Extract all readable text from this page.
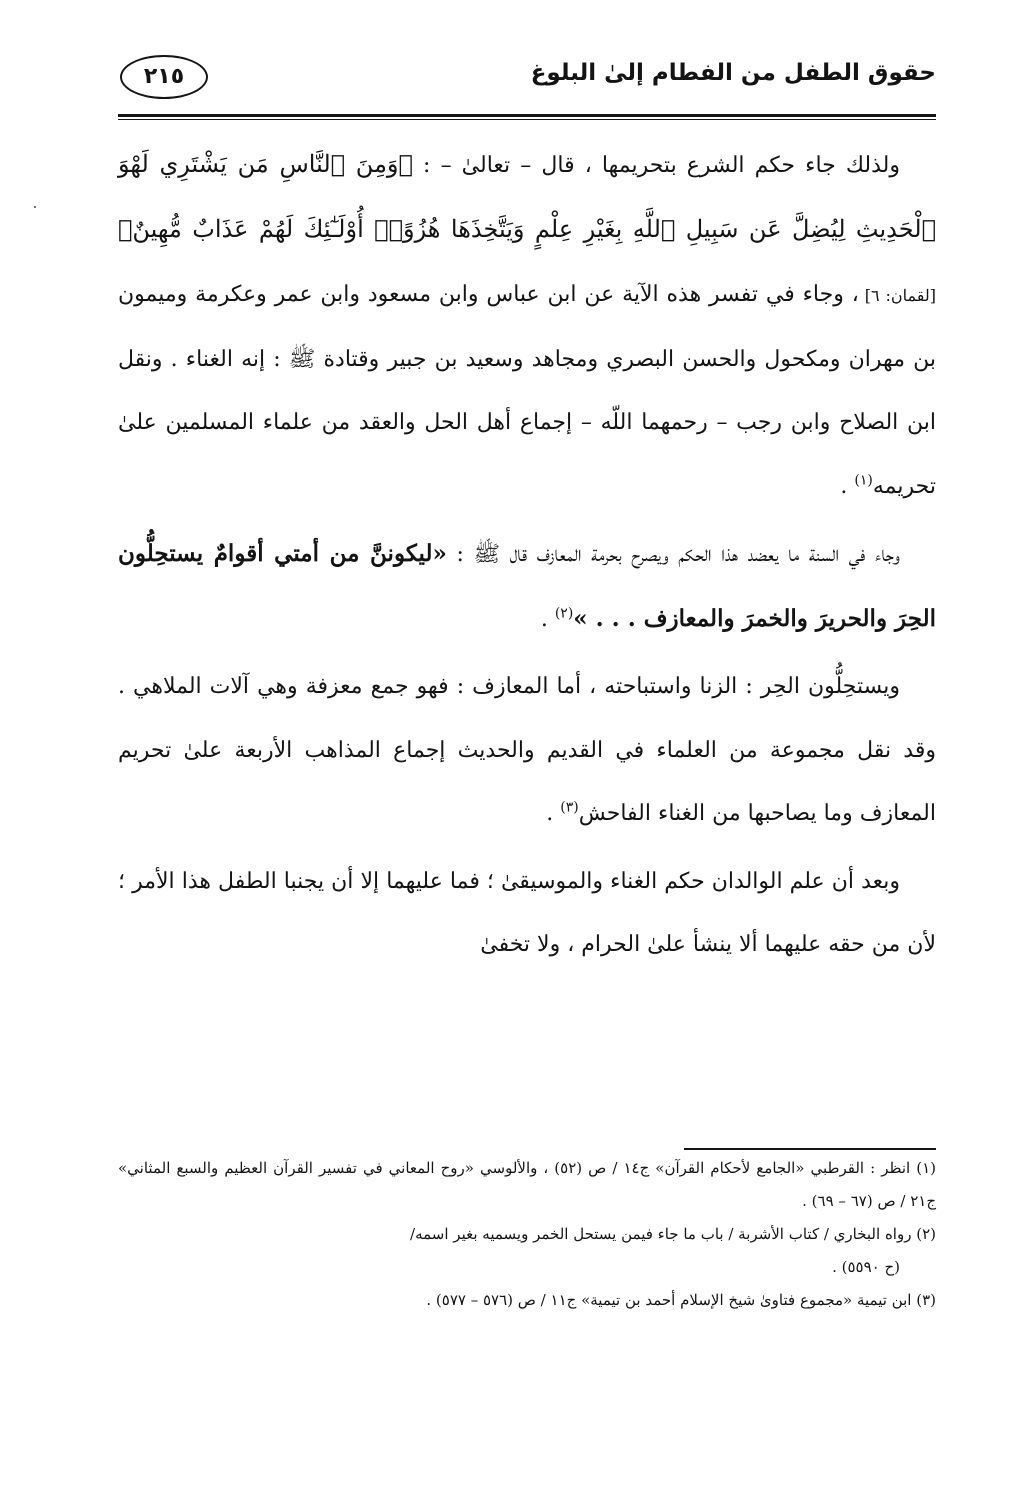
حقوق الطفل من الفطام إلىٰ البلوغ
٢١٥

ولذلك جاء حكم الشرع بتحريمها ، قال – تعالىٰ – : ﴿وَمِنَ ٱلنَّاسِ مَن يَشْتَرِي لَهْوَ ٱلْحَدِيثِ لِيُضِلَّ عَن سَبِيلِ ٱللَّهِ بِغَيْرِ عِلْمٍ وَيَتَّخِذَهَا هُزُوًاۚ أُوْلَـٰٓئِكَ لَهُمْ عَذَابٌ مُّهِينٌ﴾ [لقمان: ٦] ، وجاء في تفسر هذه الآية عن ابن عباس وابن مسعود وابن عمر وعكرمة وميمون بن مهران ومكحول والحسن البصري ومجاهد وسعيد بن جبير وقتادة ﷺ : إنه الغناء . ونقل ابن الصلاح وابن رجب – رحمهما اللّه – إجماع أهل الحل والعقد من علماء المسلمين علىٰ تحريمه$^{(١)}$ .

وجاء في السنة ما يعضد هذا الحكم ويصرح بحرمة المعازف قال ﷺ : «ليكوننَّ من أمتي أقوامٌ يستحِلُّون الحِرَ والحريرَ والخمرَ والمعازف . . . »$^{(٢)}$ .

ويستحِلُّون الحِر : الزنا واستباحته ، أما المعازف : فهو جمع معزفة وهي آلات الملاهي . وقد نقل مجموعة من العلماء في القديم والحديث إجماع المذاهب الأربعة علىٰ تحريم المعازف وما يصاحبها من الغناء الفاحش$^{(٣)}$ .

وبعد أن علم الوالدان حكم الغناء والموسيقىٰ ؛ فما عليهما إلا أن يجنبا الطفل هذا الأمر ؛ لأن من حقه عليهما ألا ينشأ علىٰ الحرام ، ولا تخفىٰ

(١) انظر : القرطبي «الجامع لأحكام القرآن» ج١٤ / ص (٥٢) ، والألوسي «روح المعاني في تفسير القرآن العظيم والسبع المثاني» ج٢١ / ص (٦٧ – ٦٩) .

(٢) رواه البخاري / كتاب الأشربة / باب ما جاء فيمن يستحل الخمر ويسميه بغير اسمه/

(ح ٥٥٩٠) .

(٣) ابن تيمية «مجموع فتاوىٰ شيخ الإسلام أحمد بن تيمية» ج١١ / ص (٥٧٦ – ٥٧٧) .
